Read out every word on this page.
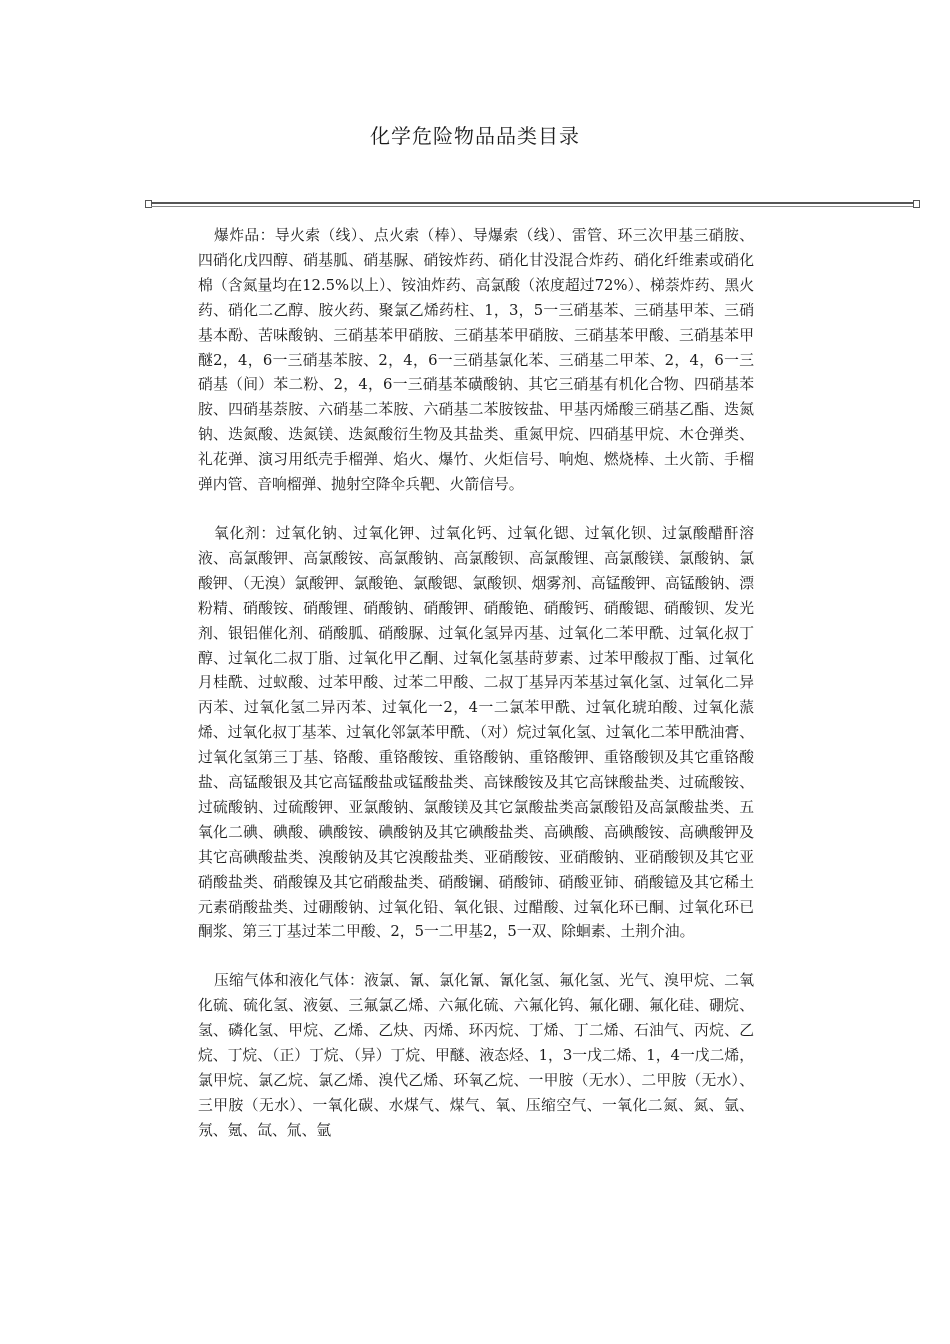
化学危险物品品类目录

爆炸品：导火索（线）、点火索（棒）、导爆索（线）、雷管、环三次甲基三硝胺、四硝化戊四醇、硝基胍、硝基脲、硝铵炸药、硝化甘没混合炸药、硝化纤维素或硝化棉（含氮量均在12.5%以上）、铵油炸药、高氯酸（浓度超过72%）、梯萘炸药、黑火药、硝化二乙醇、胺火药、聚氯乙烯药柱、1，3，5一三硝基苯、三硝基甲苯、三硝基本酚、苦味酸钠、三硝基苯甲硝胺、三硝基苯甲硝胺、三硝基苯甲酸、三硝基苯甲醚2，4，6一三硝基苯胺、2，4，6一三硝基氯化苯、三硝基二甲苯、2，4，6一三硝基（间）苯二粉、2，4，6一三硝基苯磺酸钠、其它三硝基有机化合物、四硝基苯胺、四硝基萘胺、六硝基二苯胺、六硝基二苯胺铵盐、甲基丙烯酸三硝基乙酯、迭氮钠、迭氮酸、迭氮镁、迭氮酸衍生物及其盐类、重氮甲烷、四硝基甲烷、木仓弹类、礼花弹、演习用纸壳手榴弹、焰火、爆竹、火炬信号、响炮、燃烧棒、土火箭、手榴弹内管、音响榴弹、抛射空降伞兵靶、火箭信号。

氧化剂：过氧化钠、过氧化钾、过氧化钙、过氧化锶、过氧化钡、过氯酸醋酐溶液、高氯酸钾、高氯酸铵、高氯酸钠、高氯酸钡、高氯酸锂、高氯酸镁、氯酸钠、氯酸钾、（无溴）氯酸钾、氯酸铯、氯酸锶、氯酸钡、烟雾剂、高锰酸钾、高锰酸钠、漂粉精、硝酸铵、硝酸锂、硝酸钠、硝酸钾、硝酸铯、硝酸钙、硝酸锶、硝酸钡、发光剂、银铝催化剂、硝酸胍、硝酸脲、过氧化氢异丙基、过氧化二苯甲酰、过氧化叔丁醇、过氧化二叔丁脂、过氧化甲乙酮、过氧化氢基莳萝素、过苯甲酸叔丁酯、过氧化月桂酰、过蚁酸、过苯甲酸、过苯二甲酸、二叔丁基异丙苯基过氧化氢、过氧化二异丙苯、过氧化氢二异丙苯、过氧化一2，4一二氯苯甲酰、过氧化琥珀酸、过氧化蒎烯、过氧化叔丁基苯、过氧化邻氯苯甲酰、（对）烷过氧化氢、过氧化二苯甲酰油膏、过氧化氢第三丁基、铬酸、重铬酸铵、重铬酸钠、重铬酸钾、重铬酸钡及其它重铬酸盐、高锰酸银及其它高锰酸盐或锰酸盐类、高铼酸铵及其它高铼酸盐类、过硫酸铵、过硫酸钠、过硫酸钾、亚氯酸钠、氯酸镁及其它氯酸盐类高氯酸铅及高氯酸盐类、五氧化二碘、碘酸、碘酸铵、碘酸钠及其它碘酸盐类、高碘酸、高碘酸铵、高碘酸钾及其它高碘酸盐类、溴酸钠及其它溴酸盐类、亚硝酸铵、亚硝酸钠、亚硝酸钡及其它亚硝酸盐类、硝酸镍及其它硝酸盐类、硝酸镧、硝酸铈、硝酸亚铈、硝酸镱及其它稀土元素硝酸盐类、过硼酸钠、过氧化铅、氧化银、过醋酸、过氧化环已酮、过氧化环已酮浆、第三丁基过苯二甲酸、2，5一二甲基2，5一双、除蛔素、土荆介油。

压缩气体和液化气体：液氯、氰、氯化氰、氰化氢、氟化氢、光气、溴甲烷、二氧化硫、硫化氢、液氨、三氟氯乙烯、六氟化硫、六氟化钨、氟化硼、氟化硅、硼烷、氢、磷化氢、甲烷、乙烯、乙炔、丙烯、环丙烷、丁烯、丁二烯、石油气、丙烷、乙烷、丁烷、（正）丁烷、（异）丁烷、甲醚、液态烃、1，3一戊二烯、1，4一戊二烯，氯甲烷、氯乙烷、氯乙烯、溴代乙烯、环氧乙烷、一甲胺（无水）、二甲胺（无水）、三甲胺（无水）、一氧化碳、水煤气、煤气、氧、压缩空气、一氧化二氮、氮、氩、氖、氪、氙、氚、氩
